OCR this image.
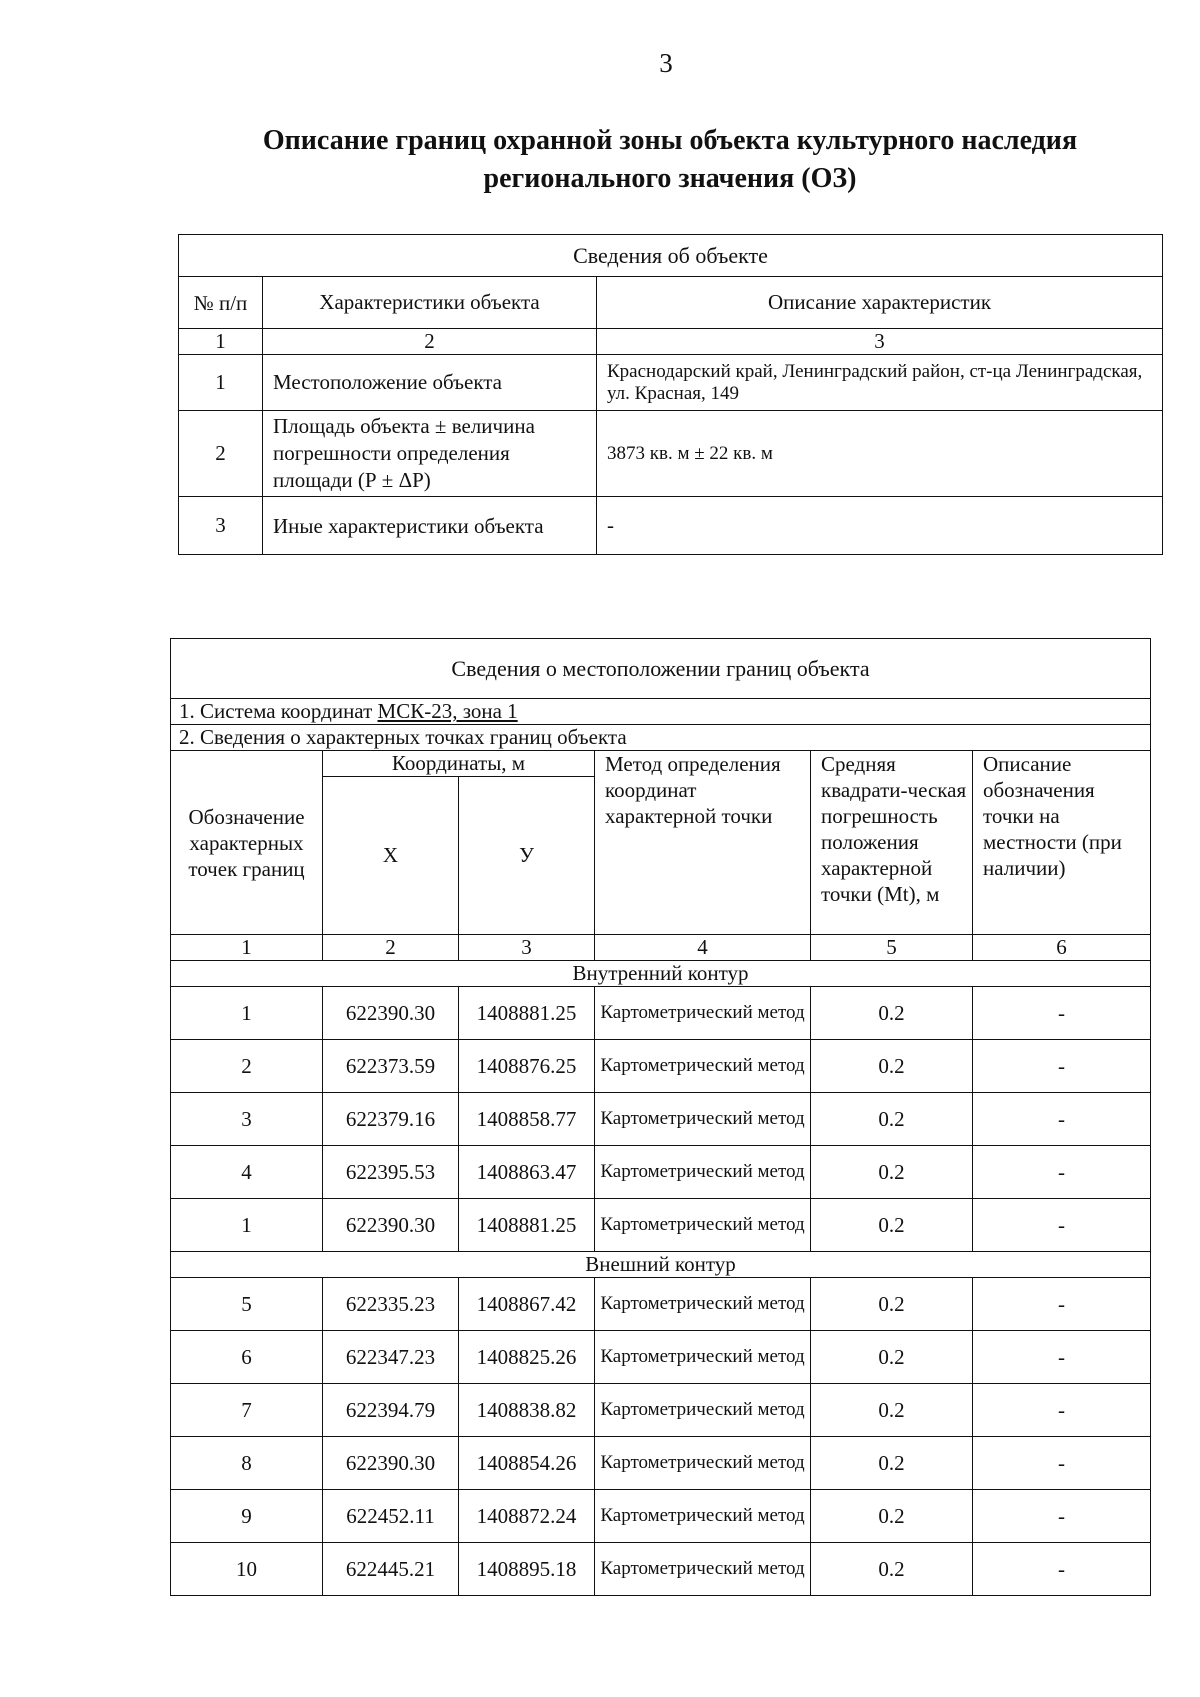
3
Описание границ охранной зоны объекта культурного наследия
регионального значения (ОЗ)
Сведения об объекте		
№ п/п	Характеристики объекта	Описание характеристик
1	2	3
1	Местоположение объекта	Краснодарский край, Ленинградский район, ст-ца Ленинградская, ул. Красная, 149
2	Площадь объекта ± величина погрешности определения площади (Р ± ΔР)	3873 кв. м ± 22 кв. м
3	Иные характеристики объекта	-
Сведения о местоположении границ объекта					
1. Система координат МСК-23, зона 1					
2. Сведения о характерных точках границ объекта					
Обозначение характерных точек границ	Координаты, м		Метод определения координат характерной точки	Средняя квадрати-ческая погрешность положения характерной точки (Mt), м	Описание обозначения точки на местности (при наличии)
	X	У			
1	2	3	4	5	6
Внутренний контур					
1	622390.30	1408881.25	Картометрический метод	0.2	-
2	622373.59	1408876.25	Картометрический метод	0.2	-
3	622379.16	1408858.77	Картометрический метод	0.2	-
4	622395.53	1408863.47	Картометрический метод	0.2	-
1	622390.30	1408881.25	Картометрический метод	0.2	-
Внешний контур					
5	622335.23	1408867.42	Картометрический метод	0.2	-
6	622347.23	1408825.26	Картометрический метод	0.2	-
7	622394.79	1408838.82	Картометрический метод	0.2	-
8	622390.30	1408854.26	Картометрический метод	0.2	-
9	622452.11	1408872.24	Картометрический метод	0.2	-
10	622445.21	1408895.18	Картометрический метод	0.2	-
